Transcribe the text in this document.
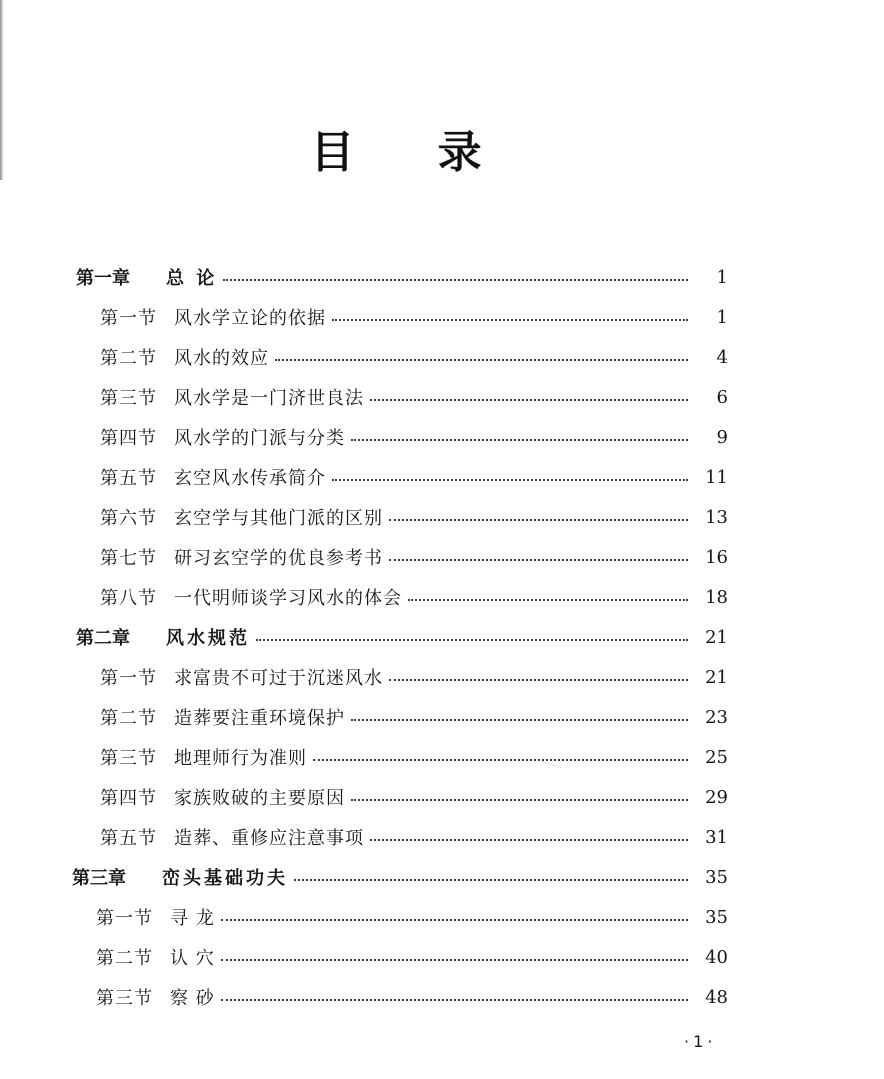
目 录
第一章	总 论	1
第一节 风水学立论的依据	1
第二节 风水的效应	4
第三节 风水学是一门济世良法	6
第四节 风水学的门派与分类	9
第五节 玄空风水传承简介	11
第六节 玄空学与其他门派的区别	13
第七节 研习玄空学的优良参考书	16
第八节 一代明师谈学习风水的体会	18
第二章	风水规范	21
第一节 求富贵不可过于沉迷风水	21
第二节 造葬要注重环境保护	23
第三节 地理师行为准则	25
第四节 家族败破的主要原因	29
第五节 造葬、重修应注意事项	31
第三章	峦头基础功夫	35
第一节 寻 龙	35
第二节 认 穴	40
第三节 察 砂	48
·1·
